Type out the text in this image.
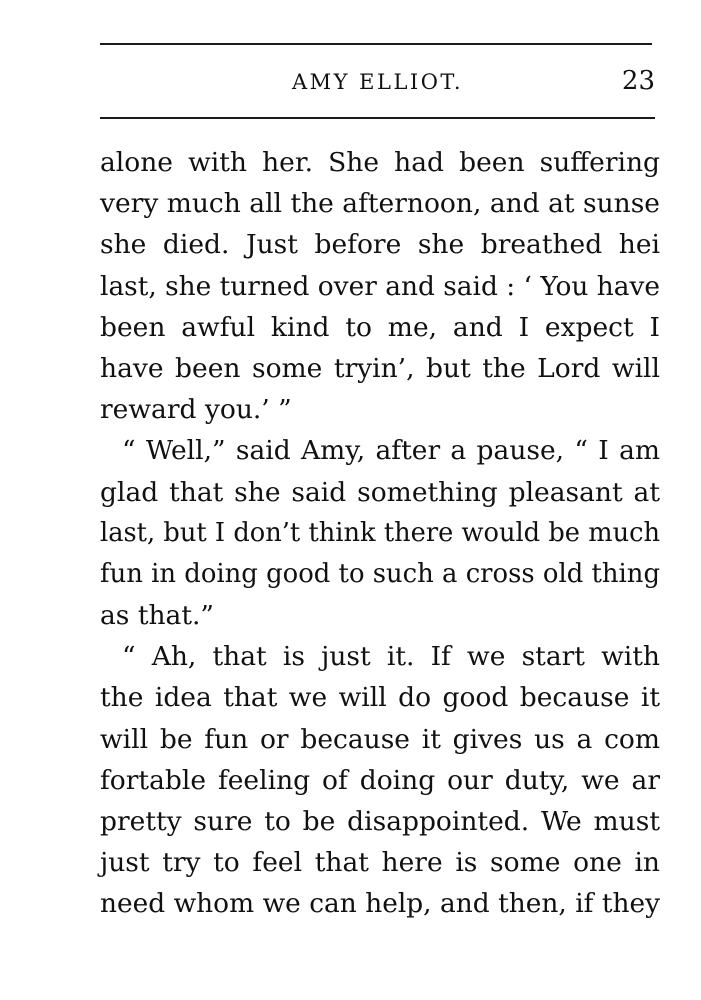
AMY ELLIOT.	23
alone with her. She had been suffering
very much all the afternoon, and at sunse
she died. Just before she breathed hei
last, she turned over and said : ‘ You have
been awful kind to me, and I expect I
have been some tryin’, but the Lord will
reward you.’ ”
“ Well,” said Amy, after a pause, “ I am
glad that she said something pleasant at
last, but I don’t think there would be much
fun in doing good to such a cross old thing
as that.”
“ Ah, that is just it. If we start with
the idea that we will do good because it
will be fun or because it gives us a com
fortable feeling of doing our duty, we ar
pretty sure to be disappointed. We must
just try to feel that here is some one in
need whom we can help, and then, if they
